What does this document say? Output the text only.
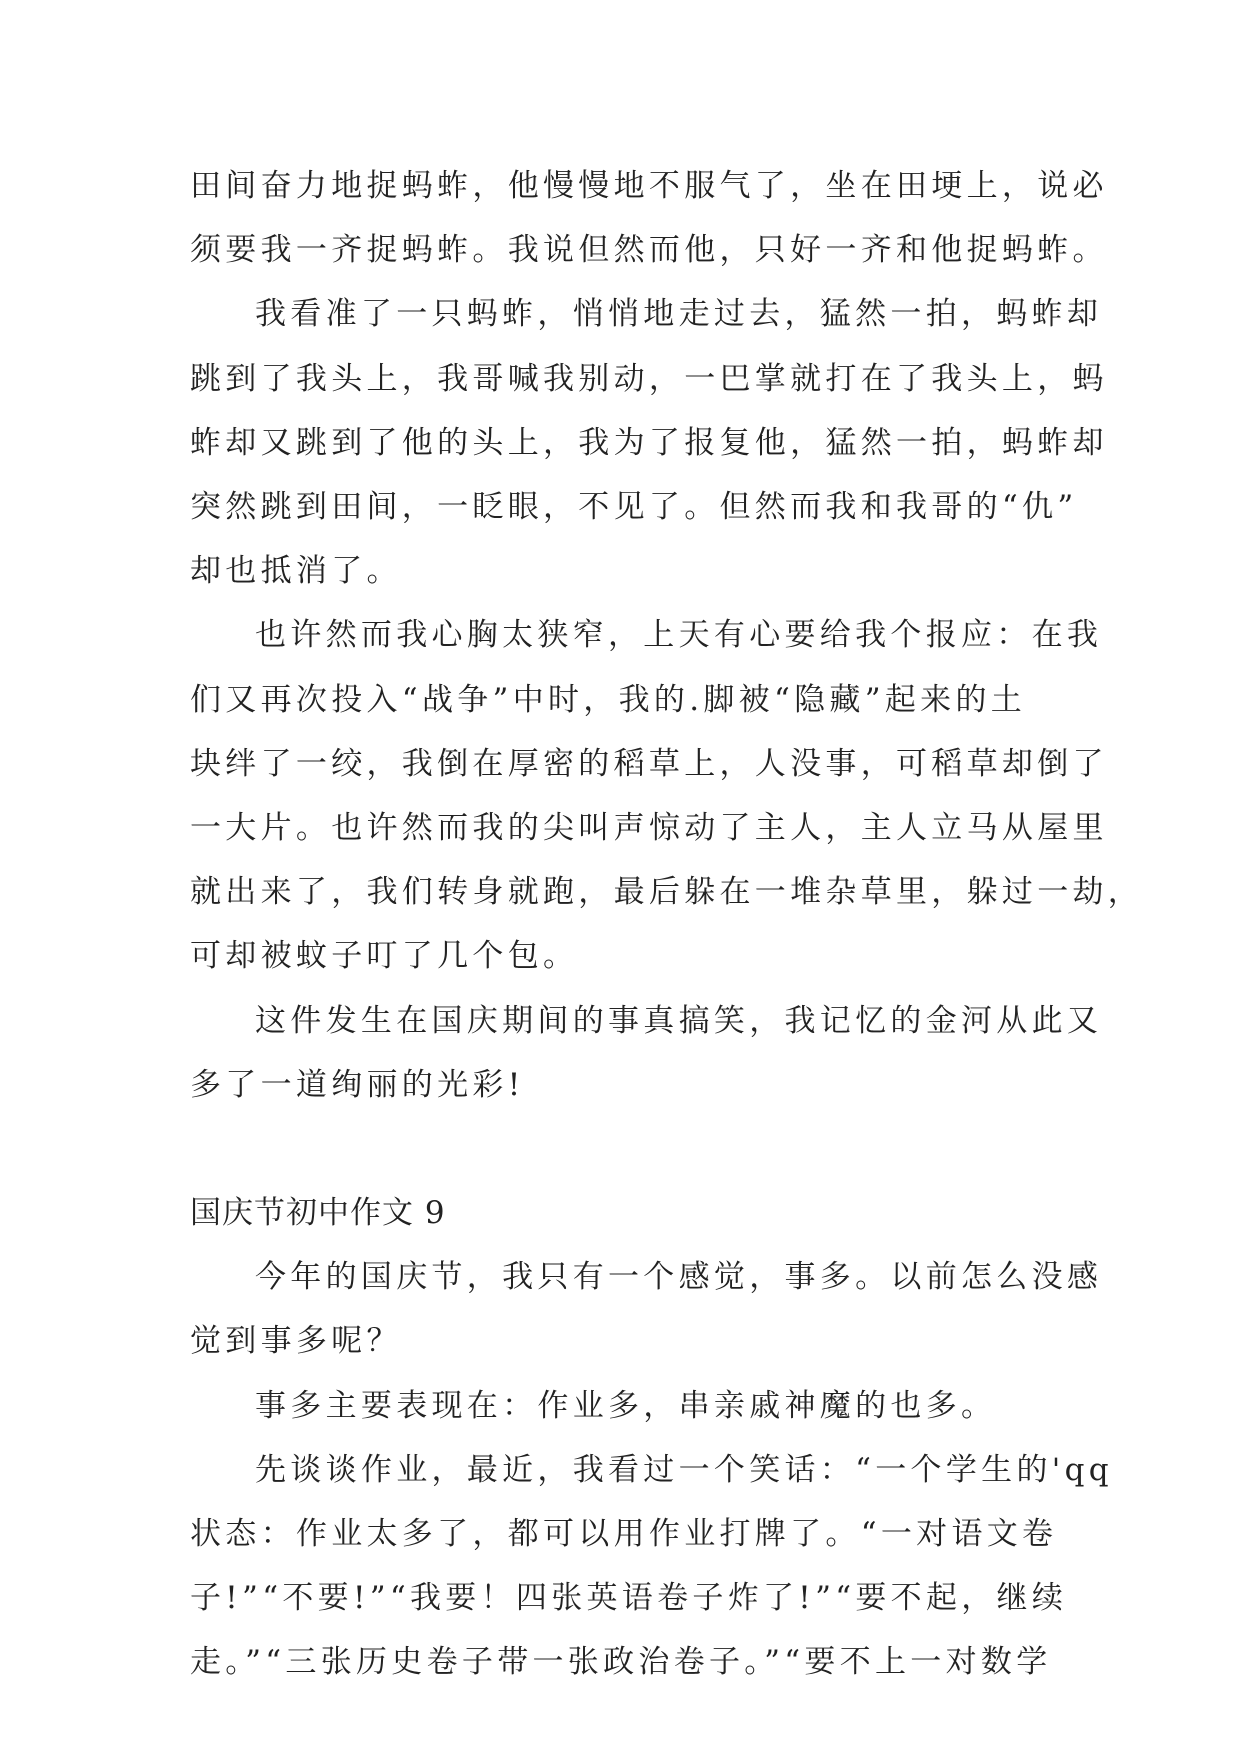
田间奋力地捉蚂蚱，他慢慢地不服气了，坐在田埂上，说必
须要我一齐捉蚂蚱。我说但然而他，只好一齐和他捉蚂蚱。
我看准了一只蚂蚱，悄悄地走过去，猛然一拍，蚂蚱却
跳到了我头上，我哥喊我别动，一巴掌就打在了我头上，蚂
蚱却又跳到了他的头上，我为了报复他，猛然一拍，蚂蚱却
突然跳到田间，一眨眼，不见了。但然而我和我哥的“仇”
却也抵消了。
也许然而我心胸太狭窄，上天有心要给我个报应：在我
们又再次投入“战争”中时，我的.脚被“隐藏”起来的土
块绊了一绞，我倒在厚密的稻草上，人没事，可稻草却倒了
一大片。也许然而我的尖叫声惊动了主人，主人立马从屋里
就出来了，我们转身就跑，最后躲在一堆杂草里，躲过一劫，
可却被蚊子叮了几个包。
这件发生在国庆期间的事真搞笑，我记忆的金河从此又
多了一道绚丽的光彩!
国庆节初中作文 9
今年的国庆节，我只有一个感觉，事多。以前怎么没感
觉到事多呢？
事多主要表现在：作业多，串亲戚神魔的也多。
先谈谈作业，最近，我看过一个笑话：“一个学生的'qq
状态：作业太多了，都可以用作业打牌了。“一对语文卷
子!”“不要!”“我要！四张英语卷子炸了!”“要不起，继续
走。”“三张历史卷子带一张政治卷子。”“要不上一对数学
